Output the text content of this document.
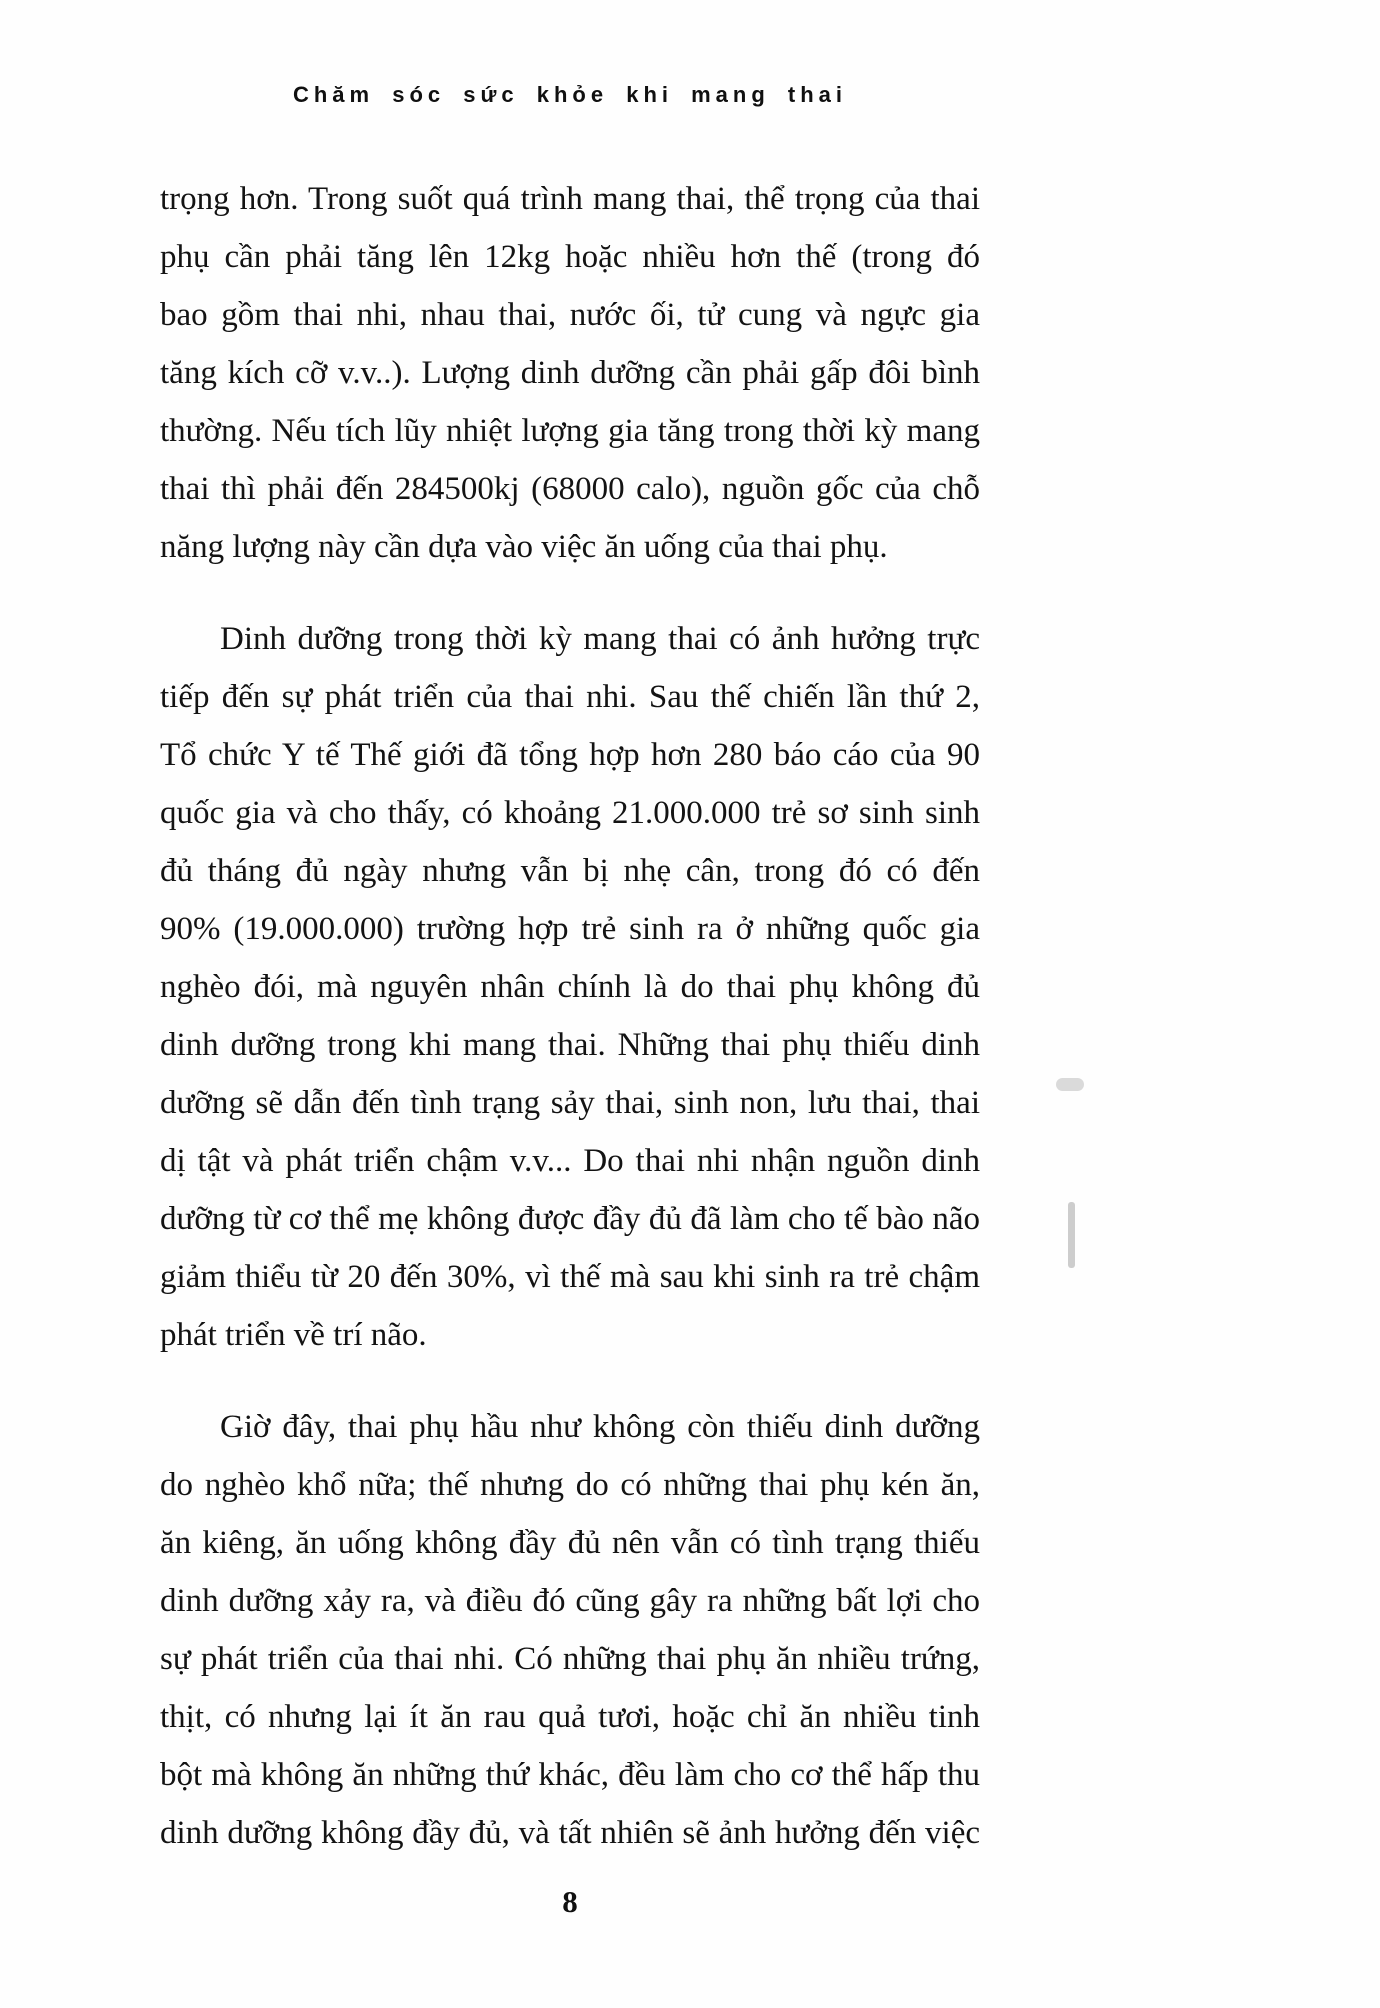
Chăm sóc sức khỏe khi mang thai
trọng hơn. Trong suốt quá trình mang thai, thể trọng của thai
phụ cần phải tăng lên 12kg hoặc nhiều hơn thế (trong đó
bao gồm thai nhi, nhau thai, nước ối, tử cung và ngực gia
tăng kích cỡ v.v..). Lượng dinh dưỡng cần phải gấp đôi bình
thường. Nếu tích lũy nhiệt lượng gia tăng trong thời kỳ mang
thai thì phải đến 284500kj (68000 calo), nguồn gốc của chỗ
năng lượng này cần dựa vào việc ăn uống của thai phụ.
Dinh dưỡng trong thời kỳ mang thai có ảnh hưởng trực
tiếp đến sự phát triển của thai nhi. Sau thế chiến lần thứ 2,
Tổ chức Y tế Thế giới đã tổng hợp hơn 280 báo cáo của 90
quốc gia và cho thấy, có khoảng 21.000.000 trẻ sơ sinh sinh
đủ tháng đủ ngày nhưng vẫn bị nhẹ cân, trong đó có đến
90% (19.000.000) trường hợp trẻ sinh ra ở những quốc gia
nghèo đói, mà nguyên nhân chính là do thai phụ không đủ
dinh dưỡng trong khi mang thai. Những thai phụ thiếu dinh
dưỡng sẽ dẫn đến tình trạng sảy thai, sinh non, lưu thai, thai
dị tật và phát triển chậm v.v... Do thai nhi nhận nguồn dinh
dưỡng từ cơ thể mẹ không được đầy đủ đã làm cho tế bào não
giảm thiểu từ 20 đến 30%, vì thế mà sau khi sinh ra trẻ chậm
phát triển về trí não.
Giờ đây, thai phụ hầu như không còn thiếu dinh dưỡng
do nghèo khổ nữa; thế nhưng do có những thai phụ kén ăn,
ăn kiêng, ăn uống không đầy đủ nên vẫn có tình trạng thiếu
dinh dưỡng xảy ra, và điều đó cũng gây ra những bất lợi cho
sự phát triển của thai nhi. Có những thai phụ ăn nhiều trứng,
thịt, có nhưng lại ít ăn rau quả tươi, hoặc chỉ ăn nhiều tinh
bột mà không ăn những thứ khác, đều làm cho cơ thể hấp thu
dinh dưỡng không đầy đủ, và tất nhiên sẽ ảnh hưởng đến việc
8
